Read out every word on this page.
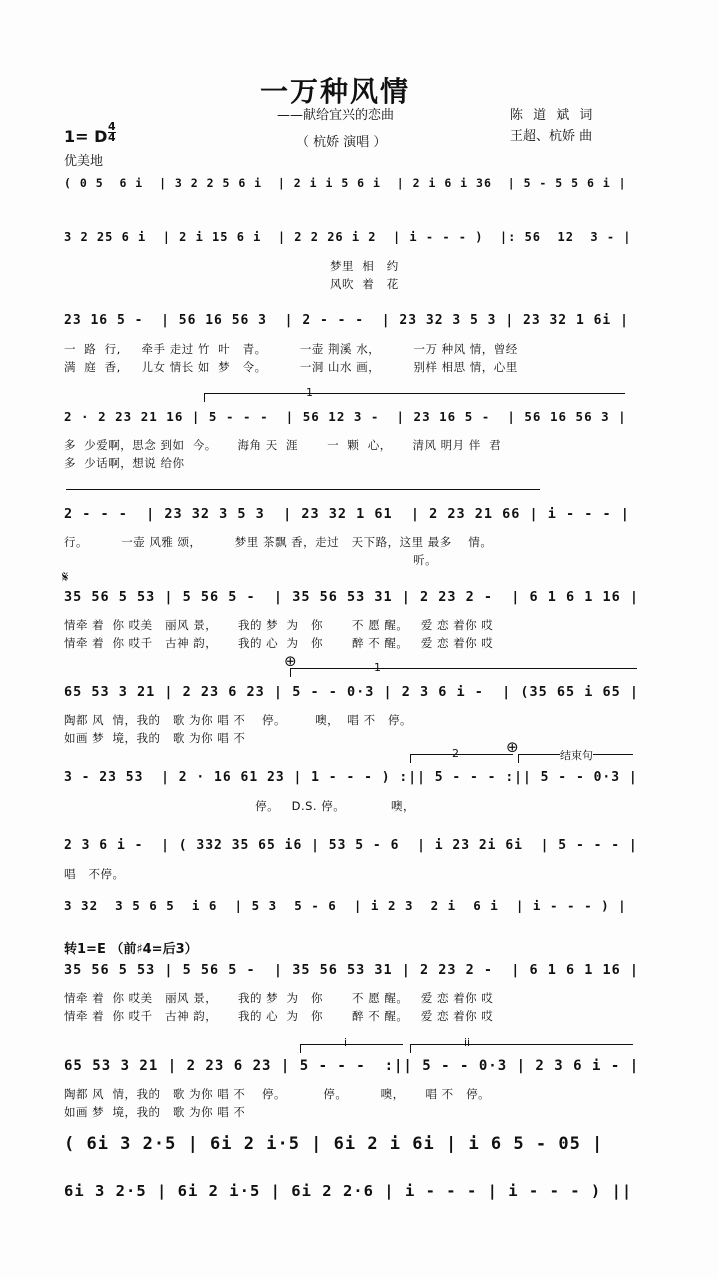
一万种风情
——献给宜兴的恋曲
（ 杭娇 演唱 ）
陈 道 斌 词
王超、杭娇 曲
1= D
4
4
优美地
( 0 5  6 i  | 3 2 2 5 6 i  | 2 i i 5 6 i  | 2 i 6 i 36  | 5 - 5 5 6 i |
3 2 25 6 i  | 2 i 15 6 i  | 2 2 26 i 2  | i - - - )  |: 56  12  3 - |
梦里  相   约
风吹  着   花
23 16 5 -  | 56 16 56 3  | 2 - - -  | 23 32 3 5 3 | 23 32 1 6i |
一  路  行,     牵手 走过 竹  叶   青。        一壶 荆溪 水，        一万 种风 情，曾经
满  庭  香,     儿女 情长 如  梦   令。        一洞 山水 画，        别样 相思 情，心里
1
2 · 2 23 21 16 | 5 - - -  | 56 12 3 -  | 23 16 5 -  | 56 16 56 3 |
多  少爱啊，思念 到如  今。     海角 天  涯       一  颗  心，     清风 明月 伴  君
多  少话啊，想说 给你
2 - - -  | 23 32 3 5 3  | 23 32 1 61  | 2 23 21 66 | i - - - |
行。        一壶 风雅 颂，        梦里 茶飘 香，走过   天下路，这里 最多    情。
听。
𝄋
35 56 5 53 | 5 56 5 -  | 35 56 53 31 | 2 23 2 -  | 6 1 6 1 16 |
情牵 着  你 哎美   丽风 景，     我的 梦  为   你       不 愿 醒。   爱 恋 着你 哎
情牵 着  你 哎千   古神 韵，     我的 心  为   你       醉 不 醒。   爱 恋 着你 哎
⊕	1
65 53 3 21 | 2 23 6 23 | 5 - - 0·3 | 2 3 6 i -  | (35 65 i 65 |
陶都 风  情，我的   歌 为你 唱 不    停。       噢，  唱 不   停。
如画 梦  境，我的   歌 为你 唱 不
2	⊕	结束句
3 - 23 53  | 2 · 16 61 23 | 1 - - - ) :|| 5 - - - :|| 5 - - 0·3 |
停。   D.S. 停。           噢，
2 3 6 i -  | ( 332 35 65 i6 | 53 5 - 6  | i 23 2i 6i  | 5 - - - |
唱   不停。
3 32  3 5 6 5  i 6  | 5 3  5 - 6  | i 2 3  2 i  6 i  | i - - - ) |
转1=E （前♯4=后3）
35 56 5 53 | 5 56 5 -  | 35 56 53 31 | 2 23 2 -  | 6 1 6 1 16 |
情牵 着  你 哎美   丽风 景，     我的 梦  为   你       不 愿 醒。   爱 恋 着你 哎
情牵 着  你 哎千   古神 韵，     我的 心  为   你       醉 不 醒。   爱 恋 着你 哎
i	ii
65 53 3 21 | 2 23 6 23 | 5 - - -  :|| 5 - - 0·3 | 2 3 6 i - |
陶都 风  情，我的   歌 为你 唱 不    停。         停。        噢，     唱 不   停。
如画 梦  境，我的   歌 为你 唱 不
( 6i 3 2·5 | 6i 2 i·5 | 6i 2 i 6i | i 6 5 - 05 |
6i 3 2·5 | 6i 2 i·5 | 6i 2 2·6 | i - - - | i - - - ) ||
